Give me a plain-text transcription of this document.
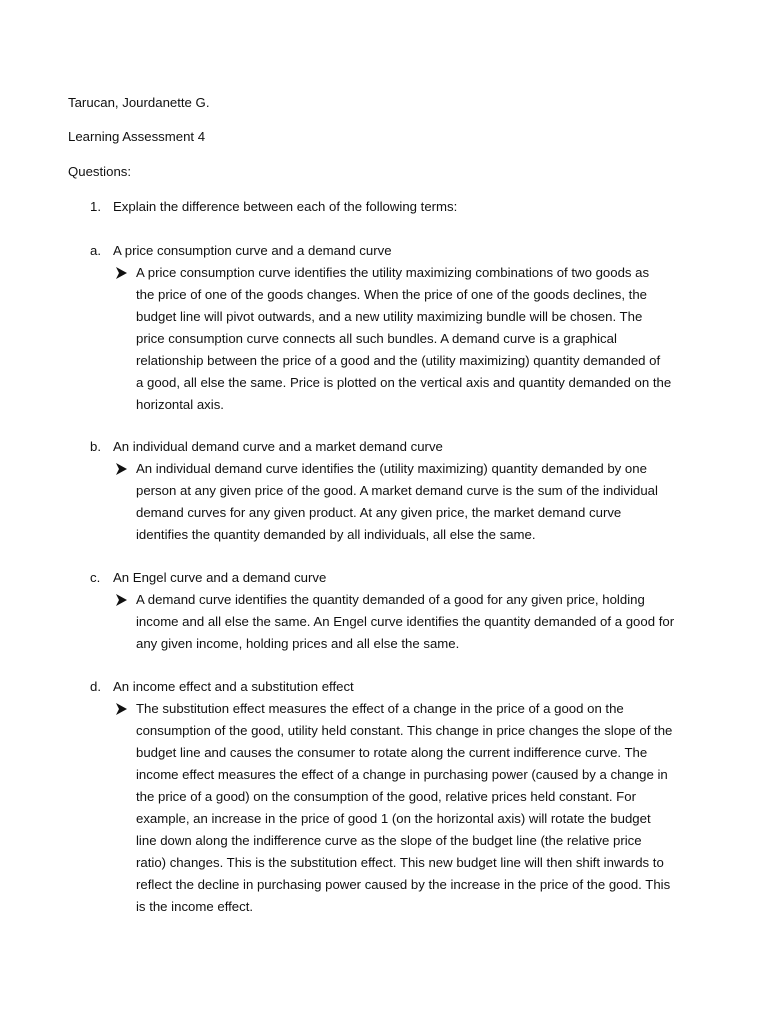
Tarucan, Jourdanette G.
Learning Assessment 4
Questions:
1. Explain the difference between each of the following terms:
a. A price consumption curve and a demand curve
A price consumption curve identifies the utility maximizing combinations of two goods as
the price of one of the goods changes. When the price of one of the goods declines, the
budget line will pivot outwards, and a new utility maximizing bundle will be chosen. The
price consumption curve connects all such bundles. A demand curve is a graphical
relationship between the price of a good and the (utility maximizing) quantity demanded of
a good, all else the same. Price is plotted on the vertical axis and quantity demanded on the
horizontal axis.
b. An individual demand curve and a market demand curve
An individual demand curve identifies the (utility maximizing) quantity demanded by one
person at any given price of the good. A market demand curve is the sum of the individual
demand curves for any given product. At any given price, the market demand curve
identifies the quantity demanded by all individuals, all else the same.
c. An Engel curve and a demand curve
A demand curve identifies the quantity demanded of a good for any given price, holding
income and all else the same. An Engel curve identifies the quantity demanded of a good for
any given income, holding prices and all else the same.
d. An income effect and a substitution effect
The substitution effect measures the effect of a change in the price of a good on the
consumption of the good, utility held constant. This change in price changes the slope of the
budget line and causes the consumer to rotate along the current indifference curve. The
income effect measures the effect of a change in purchasing power (caused by a change in
the price of a good) on the consumption of the good, relative prices held constant. For
example, an increase in the price of good 1 (on the horizontal axis) will rotate the budget
line down along the indifference curve as the slope of the budget line (the relative price
ratio) changes. This is the substitution effect. This new budget line will then shift inwards to
reflect the decline in purchasing power caused by the increase in the price of the good. This
is the income effect.
